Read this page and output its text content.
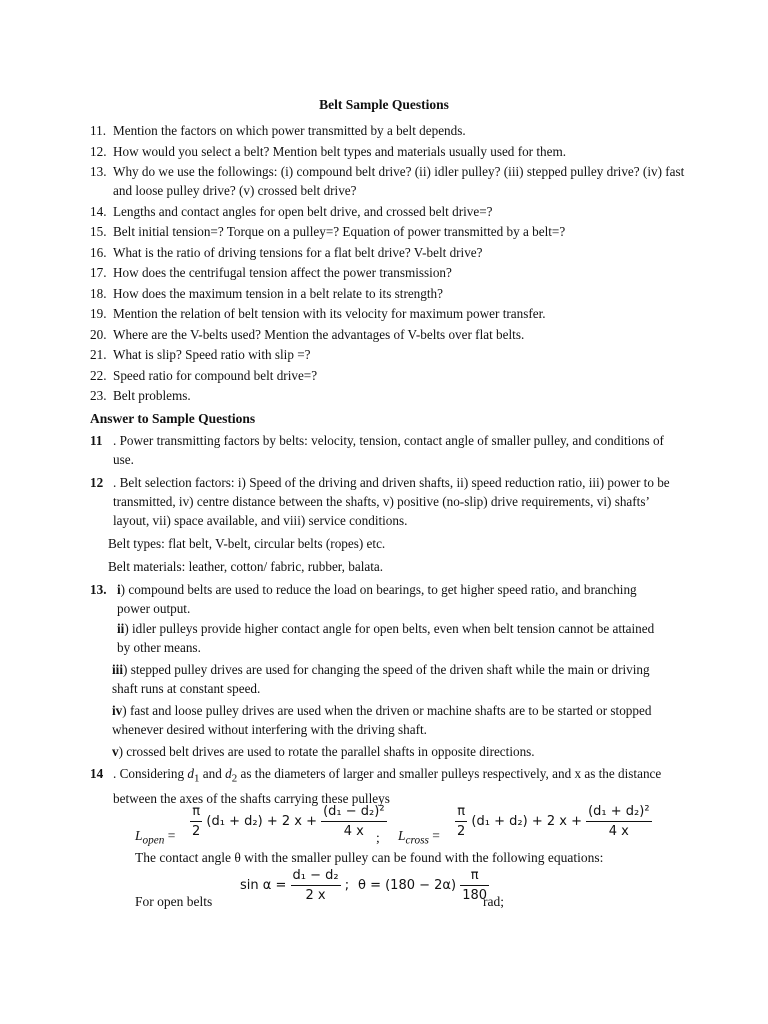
Belt Sample Questions
11. Mention the factors on which power transmitted by a belt depends.
12. How would you select a belt? Mention belt types and materials usually used for them.
13. Why do we use the followings: (i) compound belt drive? (ii) idler pulley? (iii) stepped pulley drive? (iv) fast and loose pulley drive? (v) crossed belt drive?
14. Lengths and contact angles for open belt drive, and crossed belt drive=?
15. Belt initial tension=? Torque on a pulley=? Equation of power transmitted by a belt=?
16. What is the ratio of driving tensions for a flat belt drive? V-belt drive?
17. How does the centrifugal tension affect the power transmission?
18. How does the maximum tension in a belt relate to its strength?
19. Mention the relation of belt tension with its velocity for maximum power transfer.
20. Where are the V-belts used? Mention the advantages of V-belts over flat belts.
21. What is slip? Speed ratio with slip =?
22. Speed ratio for compound belt drive=?
23. Belt problems.
Answer to Sample Questions
11 . Power transmitting factors by belts: velocity, tension, contact angle of smaller pulley, and conditions of use.
12 . Belt selection factors: i) Speed of the driving and driven shafts, ii) speed reduction ratio, iii) power to be transmitted, iv) centre distance between the shafts, v) positive (no-slip) drive requirements, vi) shafts’ layout, vii) space available, and viii) service conditions.
Belt types: flat belt, V-belt, circular belts (ropes) etc.
Belt materials: leather, cotton/ fabric, rubber, balata.
13. i) compound belts are used to reduce the load on bearings, to get higher speed ratio, and branching power output.
ii) idler pulleys provide higher contact angle for open belts, even when belt tension cannot be attained by other means.
iii) stepped pulley drives are used for changing the speed of the driven shaft while the main or driving shaft runs at constant speed.
iv) fast and loose pulley drives are used when the driven or machine shafts are to be started or stopped whenever desired without interfering with the driving shaft.
v) crossed belt drives are used to rotate the parallel shafts in opposite directions.
14 . Considering $d_1$ and $d_2$ as the diameters of larger and smaller pulleys respectively, and x as the distance between the axes of the shafts carrying these pulleys
$L_{open} = \frac{\pi}{2} (d_1 + d_2) + 2$ $x + \frac{\text{(d₁ − d₂)²}}{4 x}$
; $L_{cross} = \frac{\pi}{2} (d_1 + d_2) + 2$ $x + \frac{\text{(d₁ + d₂)²}}{4 x}$
The contact angle θ with the smaller pulley can be found with the following equations:
$\sin \alpha = \frac{\text{d₁ − d₂}}{2 x}$ ; $\theta = (180 - 2\alpha) \frac{\pi}{180}$
For open belts	rad;
